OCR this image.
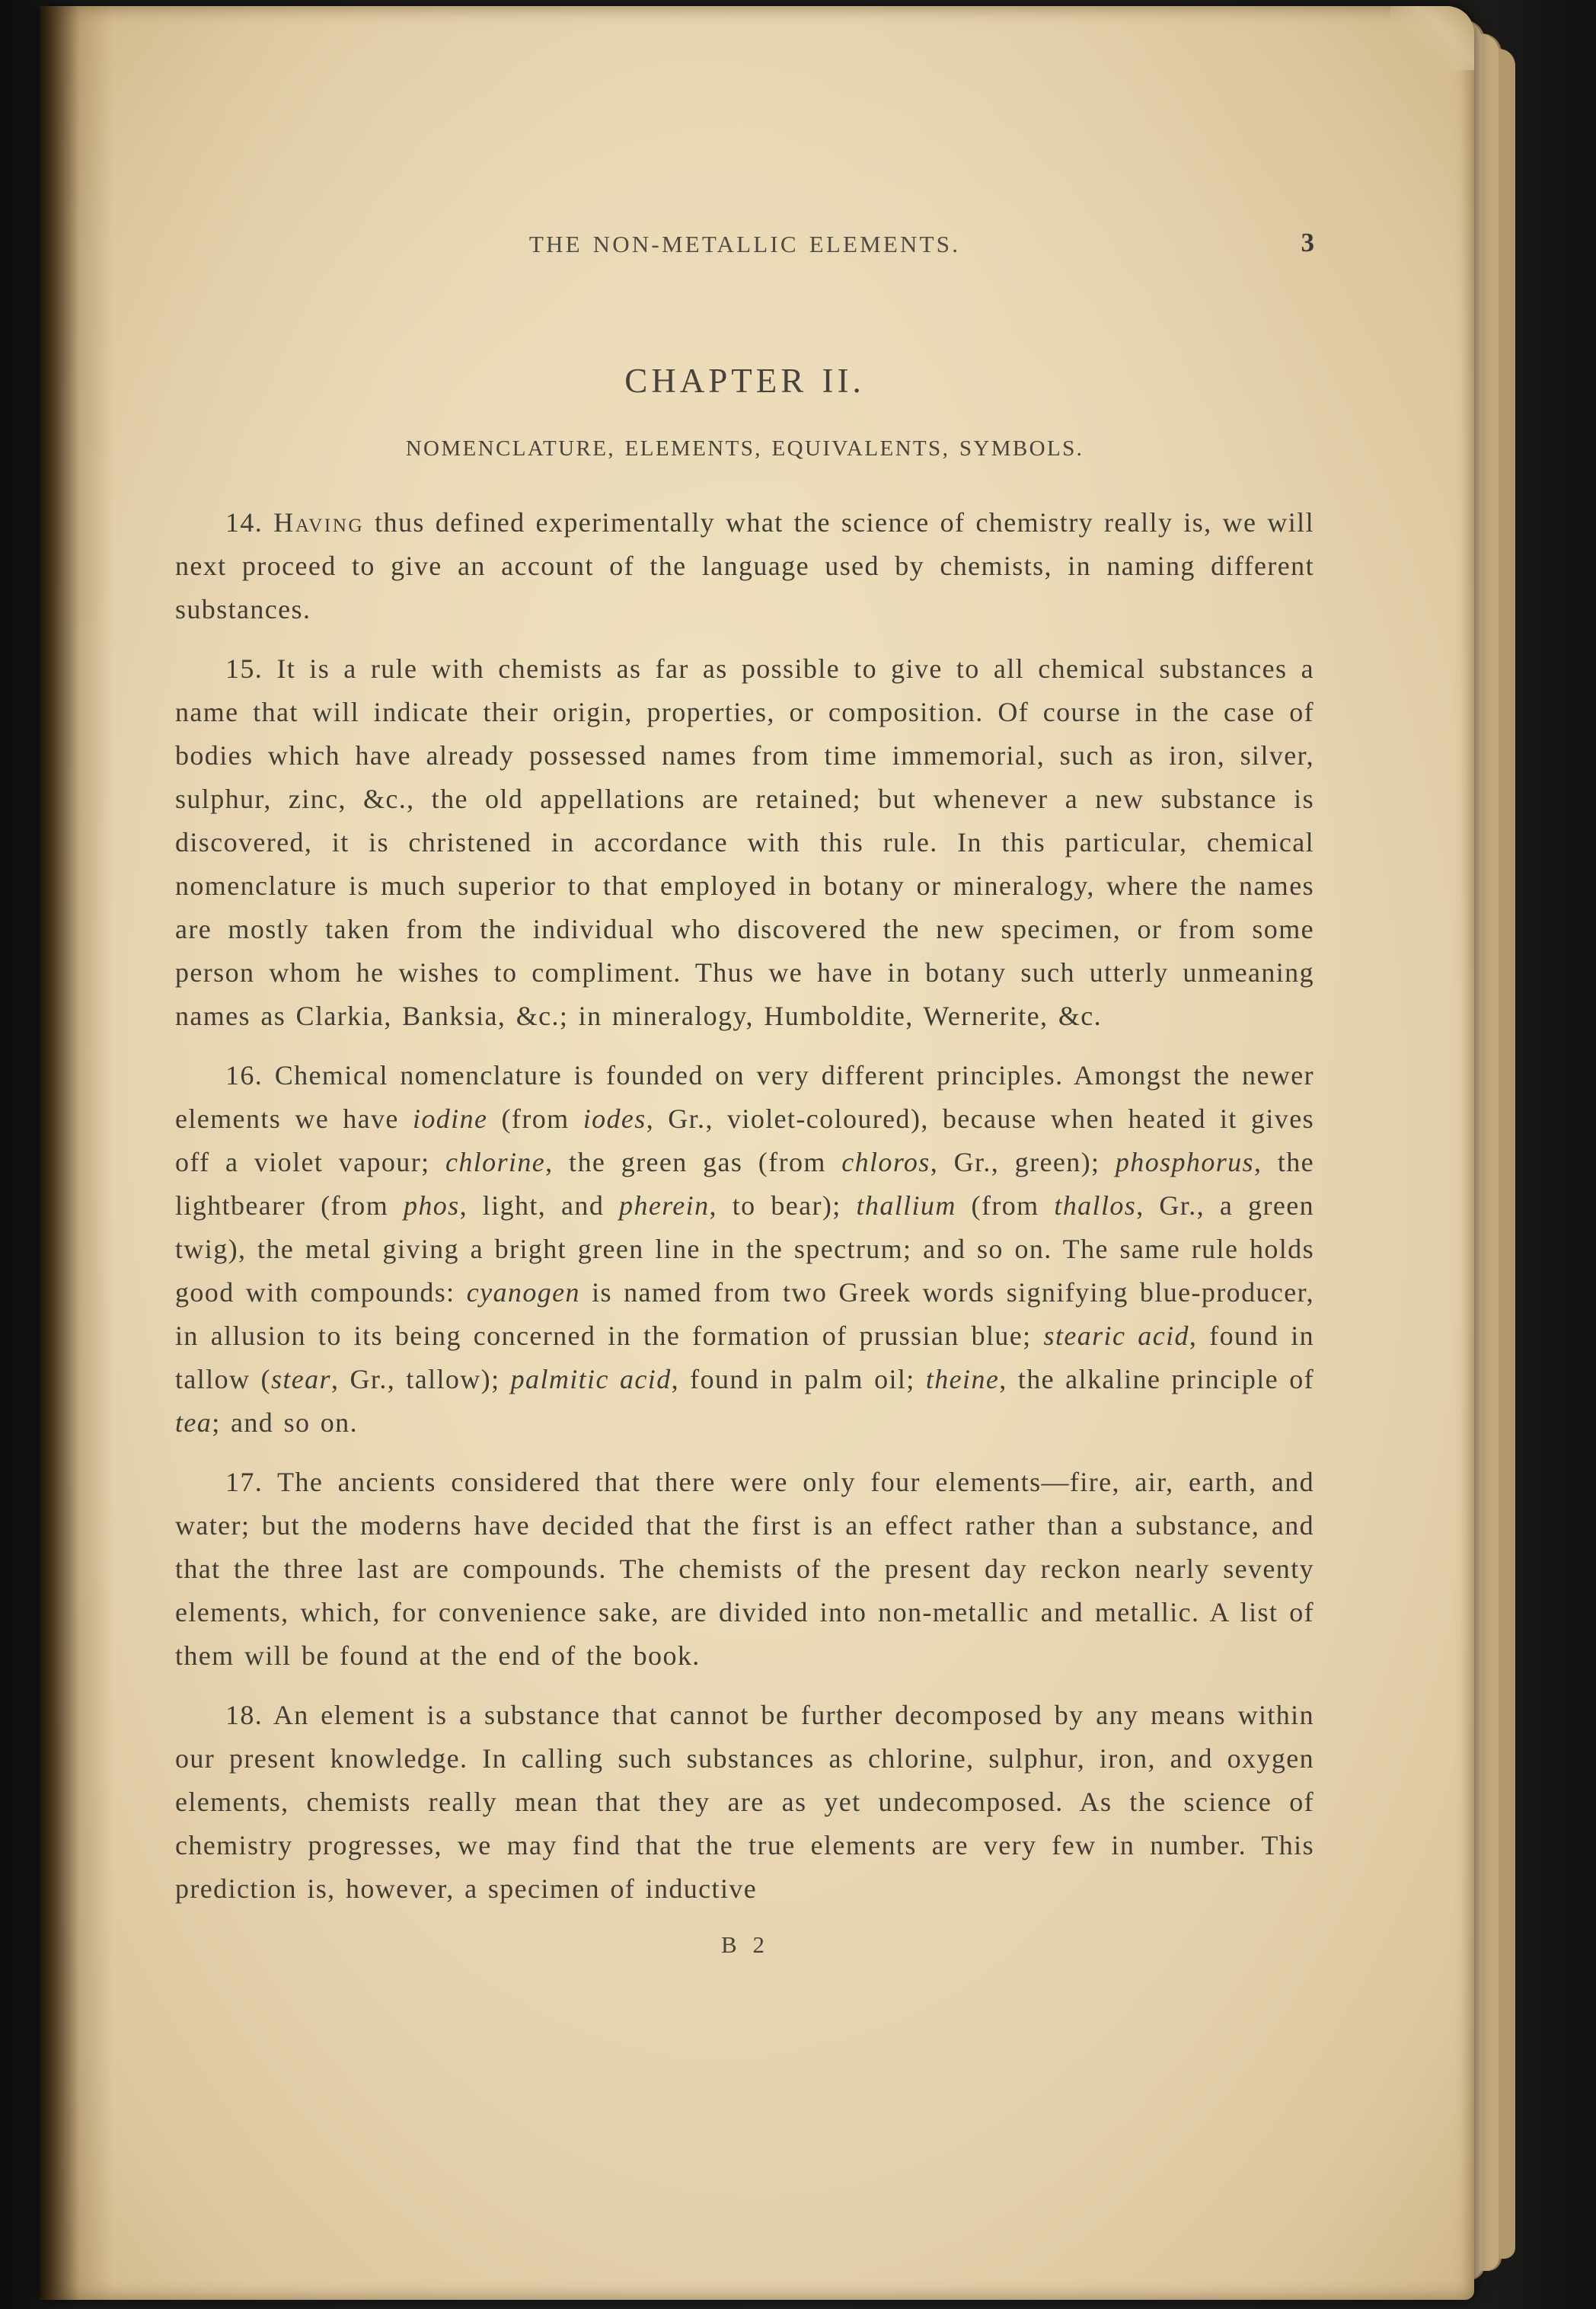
THE NON-METALLIC ELEMENTS.	3
CHAPTER II.
NOMENCLATURE, ELEMENTS, EQUIVALENTS, SYMBOLS.

14. Having thus defined experimentally what the science of chemistry really is, we will next proceed to give an account of the language used by chemists, in naming different substances.

15. It is a rule with chemists as far as possible to give to all chemical substances a name that will indicate their origin, properties, or composition. Of course in the case of bodies which have already possessed names from time immemorial, such as iron, silver, sulphur, zinc, &c., the old appellations are retained; but whenever a new substance is discovered, it is christened in accordance with this rule. In this particular, chemical nomenclature is much superior to that employed in botany or mineralogy, where the names are mostly taken from the individual who discovered the new specimen, or from some person whom he wishes to compliment. Thus we have in botany such utterly unmeaning names as Clarkia, Banksia, &c.; in mineralogy, Humboldite, Wernerite, &c.

16. Chemical nomenclature is founded on very different principles. Amongst the newer elements we have iodine (from iodes, Gr., violet-coloured), because when heated it gives off a violet vapour; chlorine, the green gas (from chloros, Gr., green); phosphorus, the lightbearer (from phos, light, and pherein, to bear); thallium (from thallos, Gr., a green twig), the metal giving a bright green line in the spectrum; and so on. The same rule holds good with compounds: cyanogen is named from two Greek words signifying blue-producer, in allusion to its being concerned in the formation of prussian blue; stearic acid, found in tallow (stear, Gr., tallow); palmitic acid, found in palm oil; theine, the alkaline principle of tea; and so on.

17. The ancients considered that there were only four elements—fire, air, earth, and water; but the moderns have decided that the first is an effect rather than a substance, and that the three last are compounds. The chemists of the present day reckon nearly seventy elements, which, for convenience sake, are divided into non-metallic and metallic. A list of them will be found at the end of the book.

18. An element is a substance that cannot be further decomposed by any means within our present knowledge. In calling such substances as chlorine, sulphur, iron, and oxygen elements, chemists really mean that they are as yet undecomposed. As the science of chemistry progresses, we may find that the true elements are very few in number. This prediction is, however, a specimen of inductive

B 2
